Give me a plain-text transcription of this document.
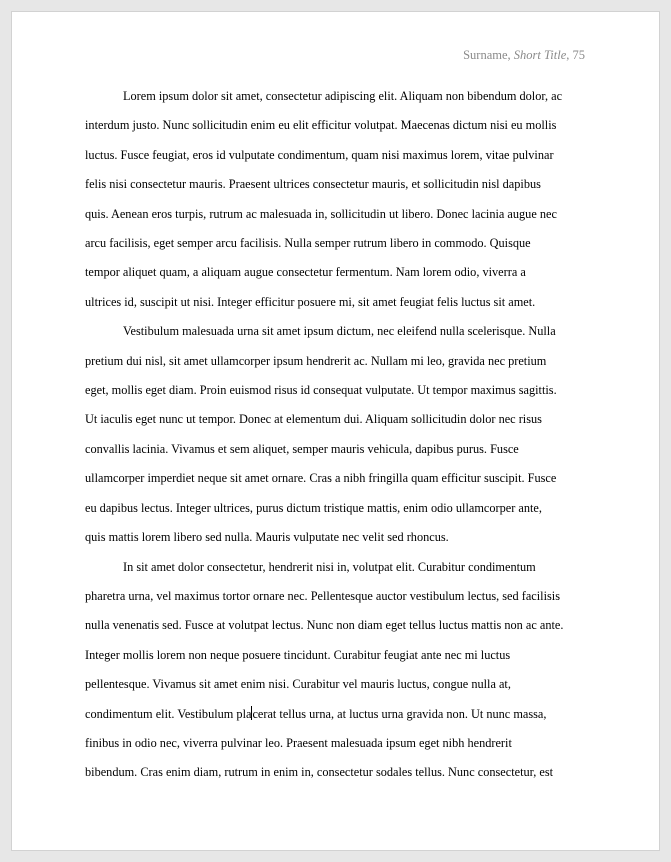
Surname, Short Title, 75

Lorem ipsum dolor sit amet, consectetur adipiscing elit. Aliquam non bibendum dolor, ac
interdum justo. Nunc sollicitudin enim eu elit efficitur volutpat. Maecenas dictum nisi eu mollis
luctus. Fusce feugiat, eros id vulputate condimentum, quam nisi maximus lorem, vitae pulvinar
felis nisi consectetur mauris. Praesent ultrices consectetur mauris, et sollicitudin nisl dapibus
quis. Aenean eros turpis, rutrum ac malesuada in, sollicitudin ut libero. Donec lacinia augue nec
arcu facilisis, eget semper arcu facilisis. Nulla semper rutrum libero in commodo. Quisque
tempor aliquet quam, a aliquam augue consectetur fermentum. Nam lorem odio, viverra a
ultrices id, suscipit ut nisi. Integer efficitur posuere mi, sit amet feugiat felis luctus sit amet.

Vestibulum malesuada urna sit amet ipsum dictum, nec eleifend nulla scelerisque. Nulla
pretium dui nisl, sit amet ullamcorper ipsum hendrerit ac. Nullam mi leo, gravida nec pretium
eget, mollis eget diam. Proin euismod risus id consequat vulputate. Ut tempor maximus sagittis.
Ut iaculis eget nunc ut tempor. Donec at elementum dui. Aliquam sollicitudin dolor nec risus
convallis lacinia. Vivamus et sem aliquet, semper mauris vehicula, dapibus purus. Fusce
ullamcorper imperdiet neque sit amet ornare. Cras a nibh fringilla quam efficitur suscipit. Fusce
eu dapibus lectus. Integer ultrices, purus dictum tristique mattis, enim odio ullamcorper ante,
quis mattis lorem libero sed nulla. Mauris vulputate nec velit sed rhoncus.

In sit amet dolor consectetur, hendrerit nisi in, volutpat elit. Curabitur condimentum
pharetra urna, vel maximus tortor ornare nec. Pellentesque auctor vestibulum lectus, sed facilisis
nulla venenatis sed. Fusce at volutpat lectus. Nunc non diam eget tellus luctus mattis non ac ante.
Integer mollis lorem non neque posuere tincidunt. Curabitur feugiat ante nec mi luctus
pellentesque. Vivamus sit amet enim nisi. Curabitur vel mauris luctus, congue nulla at,
condimentum elit. Vestibulum placerat tellus urna, at luctus urna gravida non. Ut nunc massa,
finibus in odio nec, viverra pulvinar leo. Praesent malesuada ipsum eget nibh hendrerit
bibendum. Cras enim diam, rutrum in enim in, consectetur sodales tellus. Nunc consectetur, est
